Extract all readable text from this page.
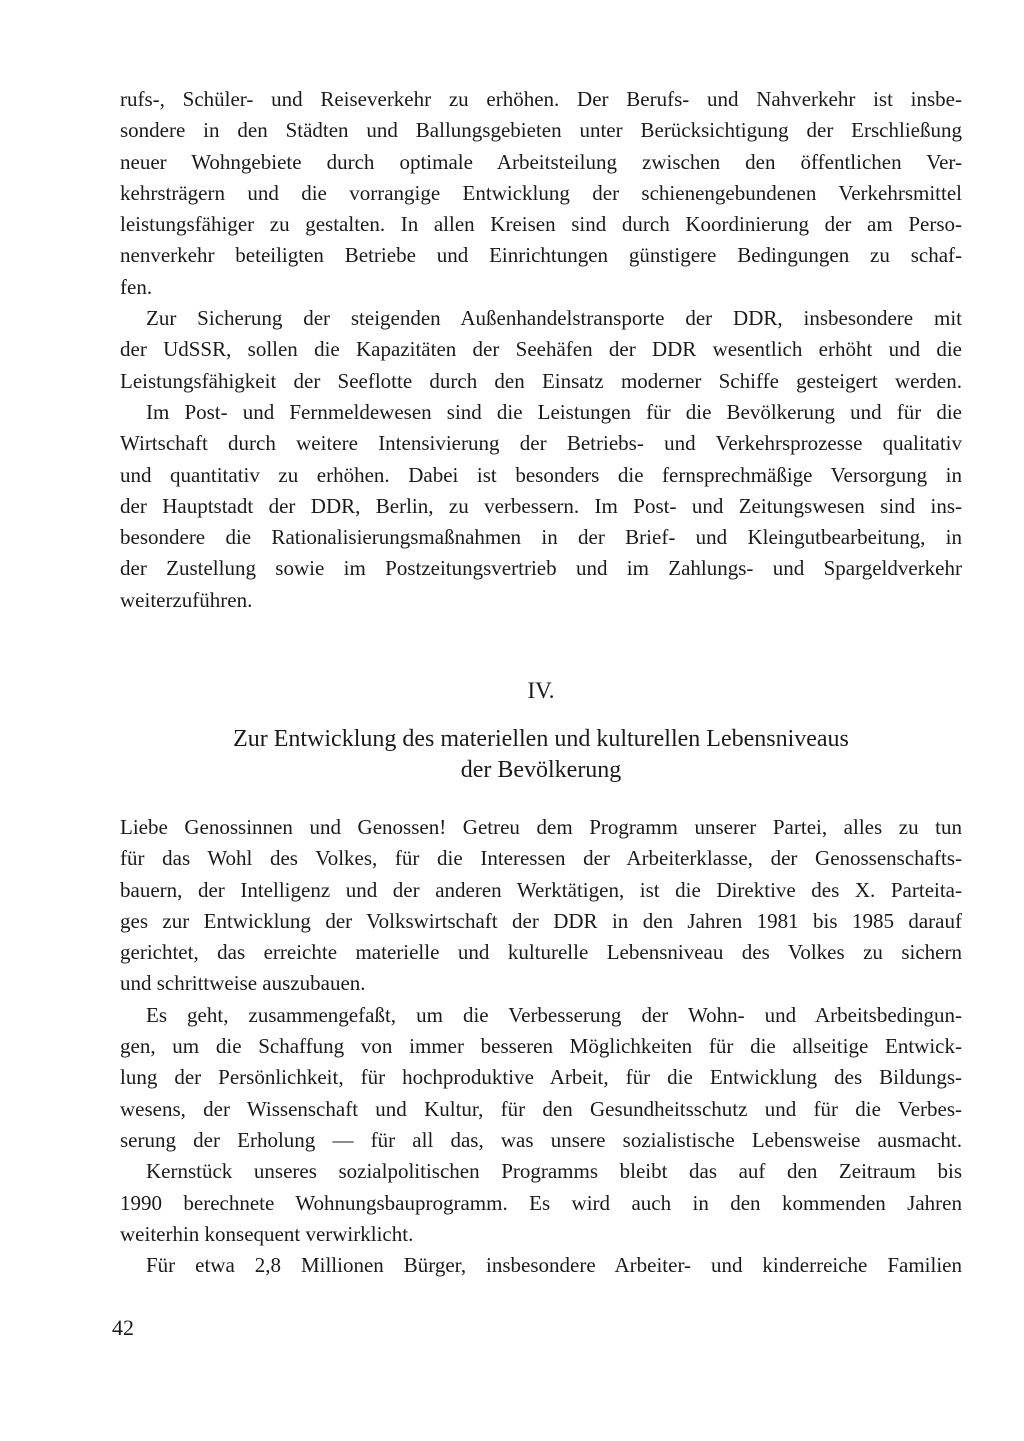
rufs-, Schüler- und Reiseverkehr zu erhöhen. Der Berufs- und Nahverkehr ist insbe-
sondere in den Städten und Ballungsgebieten unter Berücksichtigung der Erschließung
neuer Wohngebiete durch optimale Arbeitsteilung zwischen den öffentlichen Ver-
kehrsträgern und die vorrangige Entwicklung der schienengebundenen Verkehrsmittel
leistungsfähiger zu gestalten. In allen Kreisen sind durch Koordinierung der am Perso-
nenverkehr beteiligten Betriebe und Einrichtungen günstigere Bedingungen zu schaf-
fen.
Zur Sicherung der steigenden Außenhandelstransporte der DDR, insbesondere mit
der UdSSR, sollen die Kapazitäten der Seehäfen der DDR wesentlich erhöht und die
Leistungsfähigkeit der Seeflotte durch den Einsatz moderner Schiffe gesteigert werden.
Im Post- und Fernmeldewesen sind die Leistungen für die Bevölkerung und für die
Wirtschaft durch weitere Intensivierung der Betriebs- und Verkehrsprozesse qualitativ
und quantitativ zu erhöhen. Dabei ist besonders die fernsprechmäßige Versorgung in
der Hauptstadt der DDR, Berlin, zu verbessern. Im Post- und Zeitungswesen sind ins-
besondere die Rationalisierungsmaßnahmen in der Brief- und Kleingutbearbeitung, in
der Zustellung sowie im Postzeitungsvertrieb und im Zahlungs- und Spargeldverkehr
weiterzuführen.
IV.
Zur Entwicklung des materiellen und kulturellen Lebensniveaus
der Bevölkerung
Liebe Genossinnen und Genossen! Getreu dem Programm unserer Partei, alles zu tun
für das Wohl des Volkes, für die Interessen der Arbeiterklasse, der Genossenschafts-
bauern, der Intelligenz und der anderen Werktätigen, ist die Direktive des X. Parteita-
ges zur Entwicklung der Volkswirtschaft der DDR in den Jahren 1981 bis 1985 darauf
gerichtet, das erreichte materielle und kulturelle Lebensniveau des Volkes zu sichern
und schrittweise auszubauen.
Es geht, zusammengefaßt, um die Verbesserung der Wohn- und Arbeitsbedingun-
gen, um die Schaffung von immer besseren Möglichkeiten für die allseitige Entwick-
lung der Persönlichkeit, für hochproduktive Arbeit, für die Entwicklung des Bildungs-
wesens, der Wissenschaft und Kultur, für den Gesundheitsschutz und für die Verbes-
serung der Erholung — für all das, was unsere sozialistische Lebensweise ausmacht.
Kernstück unseres sozialpolitischen Programms bleibt das auf den Zeitraum bis
1990 berechnete Wohnungsbauprogramm. Es wird auch in den kommenden Jahren
weiterhin konsequent verwirklicht.
Für etwa 2,8 Millionen Bürger, insbesondere Arbeiter- und kinderreiche Familien
42
